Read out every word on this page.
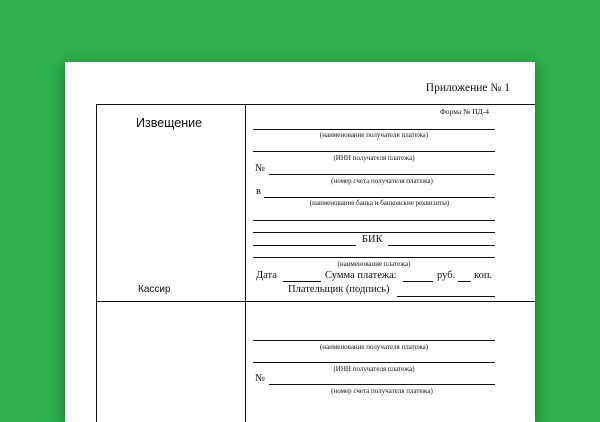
Приложение № 1
Извещение
Кассир
Форма № ПД-4
(наименование получателя платежа)
(ИНН получателя платежа)
№
(номер счета получателя платежа)
в
(наименование банка и банковские реквизиты)
БИК
(наименование платежа)
Дата	Сумма платежа:	руб. коп.
Плательщик (подпись)
(наименование получателя платежа)
(ИНН получателя платежа)
№
(номер счета получателя платежа)
